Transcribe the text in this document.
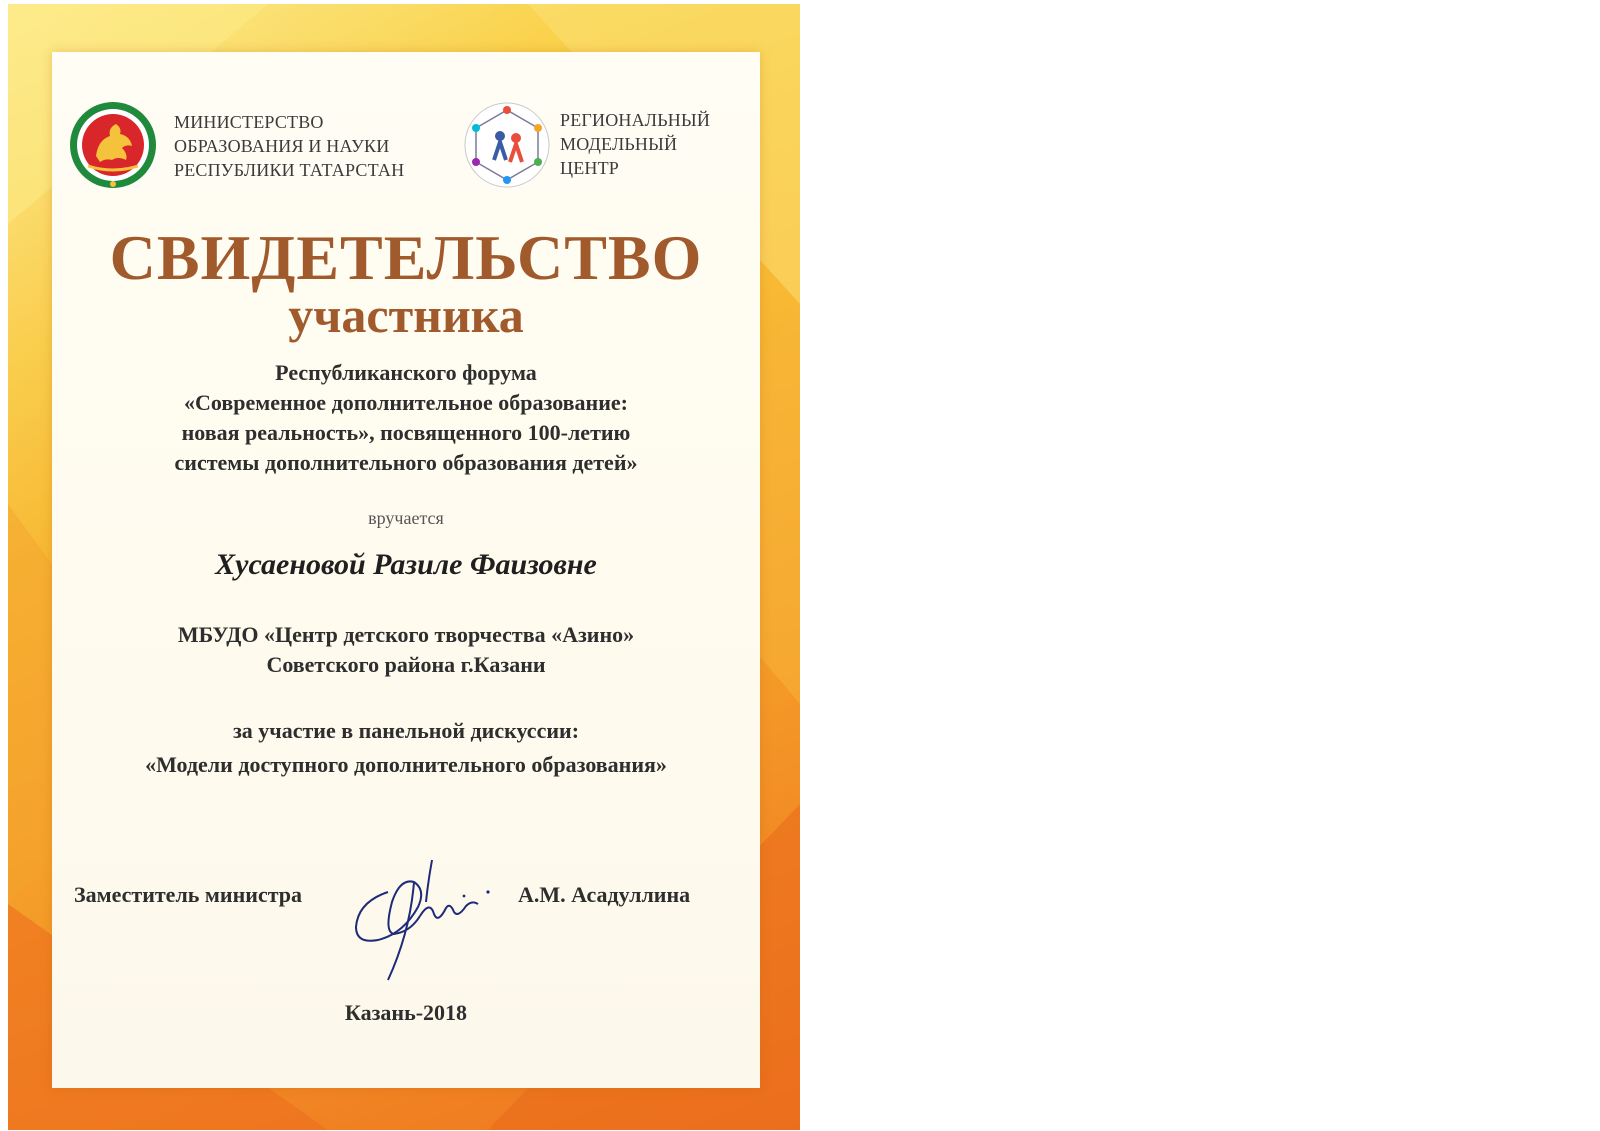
МИНИСТЕРСТВО
ОБРАЗОВАНИЯ И НАУКИ
РЕСПУБЛИКИ ТАТАРСТАН
РЕГИОНАЛЬНЫЙ
МОДЕЛЬНЫЙ
ЦЕНТР
СВИДЕТЕЛЬСТВО
участника
Республиканского форума
«Современное дополнительное образование:
новая реальность», посвященного 100-летию
системы дополнительного образования детей»
вручается
Хусаеновой Разиле Фаизовне
МБУДО «Центр детского творчества «Азино»
Советского района г.Казани
за участие в панельной дискуссии:
«Модели доступного дополнительного образования»
Заместитель министра	А.М. Асадуллина
Казань-2018
